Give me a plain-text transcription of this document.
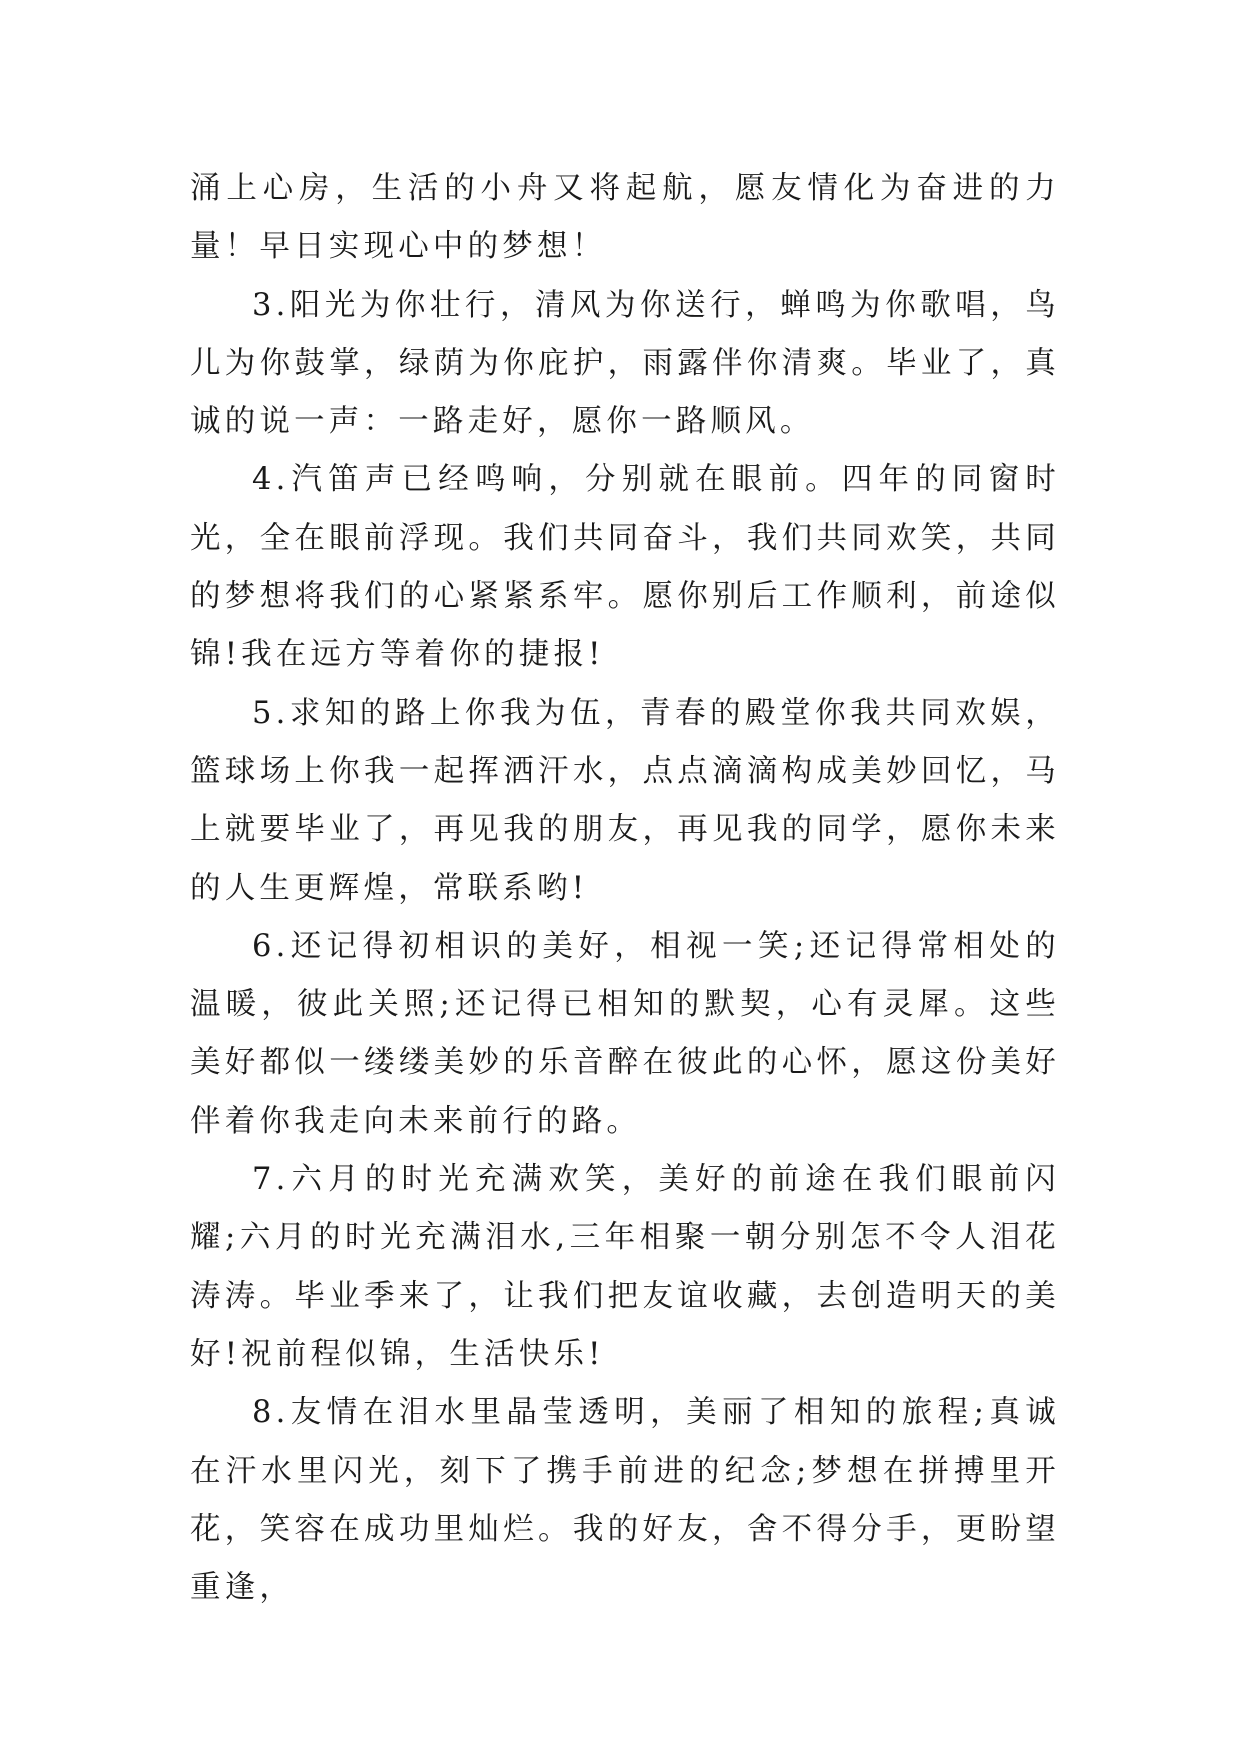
涌上心房，生活的小舟又将起航，愿友情化为奋进的力量！早日实现心中的梦想！

3.阳光为你壮行，清风为你送行，蝉鸣为你歌唱，鸟儿为你鼓掌，绿荫为你庇护，雨露伴你清爽。毕业了，真诚的说一声：一路走好，愿你一路顺风。

4.汽笛声已经鸣响，分别就在眼前。四年的同窗时光，全在眼前浮现。我们共同奋斗，我们共同欢笑，共同的梦想将我们的心紧紧系牢。愿你别后工作顺利，前途似锦!我在远方等着你的捷报!

5.求知的路上你我为伍，青春的殿堂你我共同欢娱，篮球场上你我一起挥洒汗水，点点滴滴构成美妙回忆，马上就要毕业了，再见我的朋友，再见我的同学，愿你未来的人生更辉煌，常联系哟!

6.还记得初相识的美好，相视一笑;还记得常相处的温暖，彼此关照;还记得已相知的默契，心有灵犀。这些美好都似一缕缕美妙的乐音醉在彼此的心怀，愿这份美好伴着你我走向未来前行的路。

7.六月的时光充满欢笑，美好的前途在我们眼前闪耀;六月的时光充满泪水,三年相聚一朝分别怎不令人泪花涛涛。毕业季来了，让我们把友谊收藏，去创造明天的美好!祝前程似锦，生活快乐!

8.友情在泪水里晶莹透明，美丽了相知的旅程;真诚在汗水里闪光，刻下了携手前进的纪念;梦想在拼搏里开花，笑容在成功里灿烂。我的好友，舍不得分手，更盼望重逢，
